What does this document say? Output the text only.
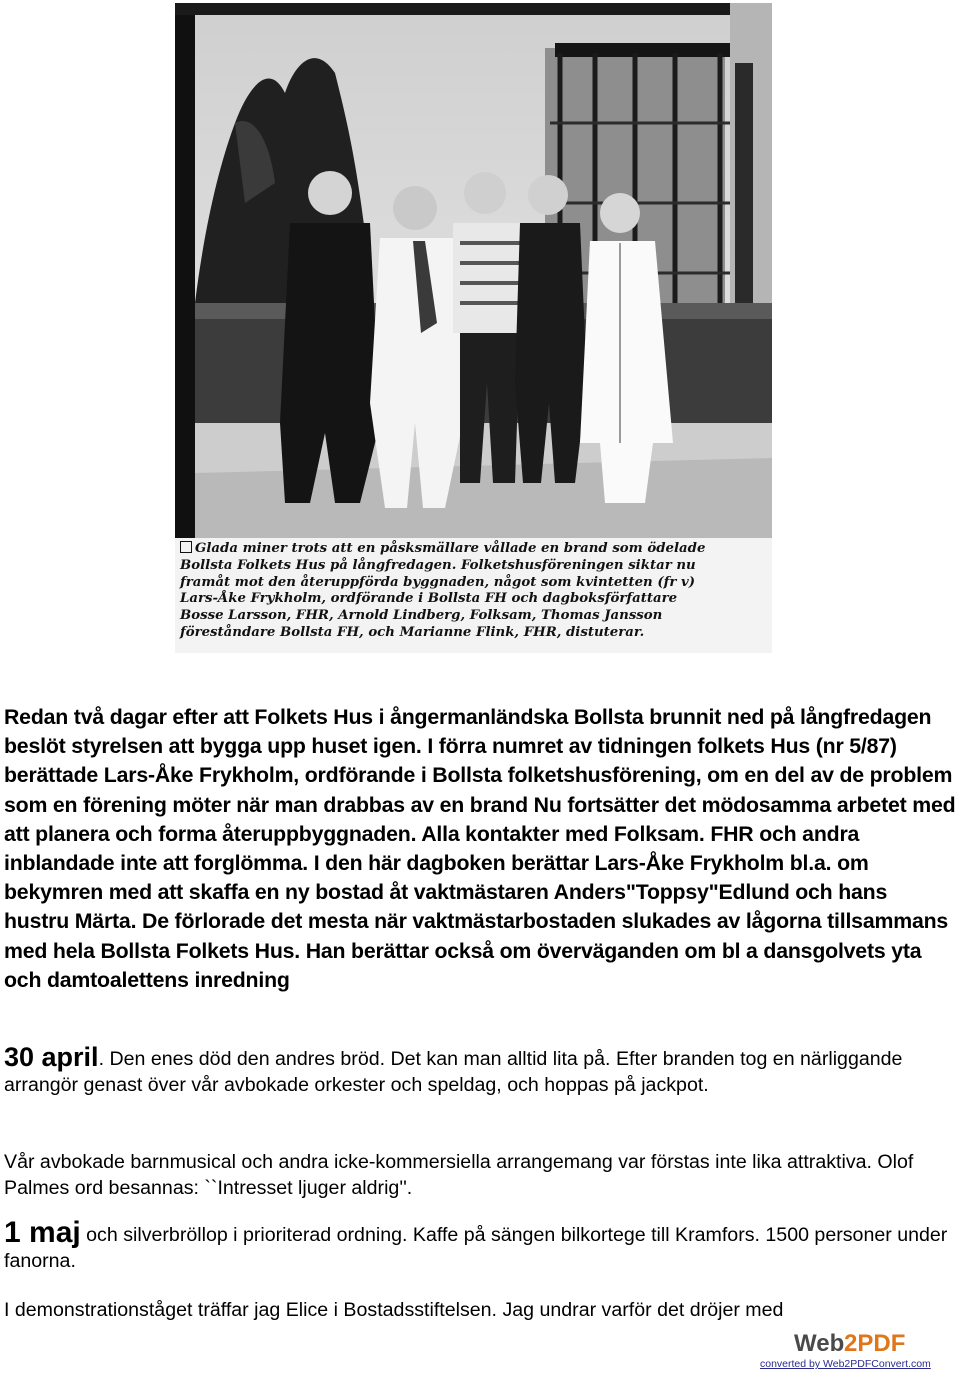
Glada miner trots att en påsksmällare vållade en brand som ödelade
Bollsta Folkets Hus på långfredagen. Folketshusföreningen siktar nu
framåt mot den återuppförda byggnaden, något som kvintetten (fr v)
Lars-Åke Frykholm, ordförande i Bollsta FH och dagboksförfattare
Bosse Larsson, FHR, Arnold Lindberg, Folksam, Thomas Jansson
föreståndare Bollsta FH, och Marianne Flink, FHR, distuterar.

Redan två dagar efter att Folkets Hus i ångermanländska Bollsta brunnit ned på långfredagen beslöt styrelsen att bygga upp huset igen. I förra numret av tidningen folkets Hus (nr 5/87) berättade Lars-Åke Frykholm, ordförande i Bollsta folketshusförening, om en del av de problem som en förening möter när man drabbas av en brand Nu fortsätter det mödosamma arbetet med att planera och forma återuppbyggnaden. Alla kontakter med Folksam. FHR och andra inblandade inte att forglömma. I den här dagboken berättar Lars-Åke Frykholm bl.a. om bekymren med att skaffa en ny bostad åt vaktmästaren Anders"Toppsy"Edlund och hans hustru Märta. De förlorade det mesta när vaktmästarbostaden slukades av lågorna tillsammans med hela Bollsta Folkets Hus. Han berättar också om överväganden om bl a dansgolvets yta och damtoalettens inredning

30 april. Den enes död den andres bröd. Det kan man alltid lita på. Efter branden tog en närliggande arrangör genast över vår avbokade orkester och speldag, och hoppas på jackpot.

Vår avbokade barnmusical och andra icke-kommersiella arrangemang var förstas inte lika attraktiva. Olof Palmes ord besannas: ``Intresset ljuger aldrig''.

1 maj och silverbröllop i prioriterad ordning. Kaffe på sängen bilkortege till Kramfors. 1500 personer under fanorna.

I demonstrationståget träffar jag Elice i Bostadsstiftelsen. Jag undrar varför det dröjer med

Web 2PDF

converted by Web2PDFConvert.com
